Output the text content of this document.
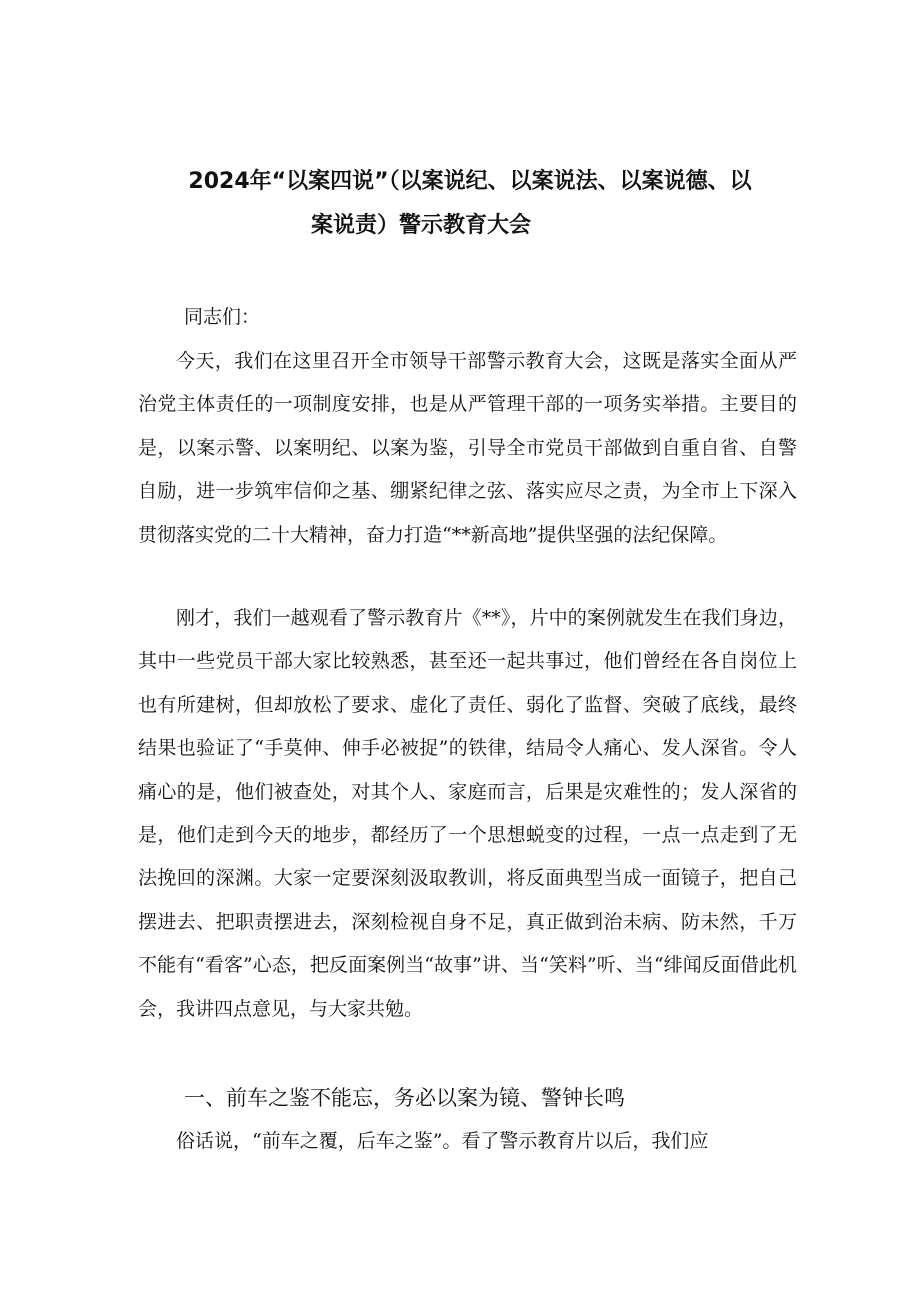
2024年“以案四说”（以案说纪、以案说法、以案说德、以
案说责）警示教育大会

同志们：

今天，我们在这里召开全市领导干部警示教育大会，这既是落实全面从严治党主体责任的一项制度安排，也是从严管理干部的一项务实举措。主要目的是，以案示警、以案明纪、以案为鉴，引导全市党员干部做到自重自省、自警自励，进一步筑牢信仰之基、绷紧纪律之弦、落实应尽之责，为全市上下深入贯彻落实党的二十大精神，奋力打造“**新高地”提供坚强的法纪保障。

刚才，我们一越观看了警示教育片《**》，片中的案例就发生在我们身边，其中一些党员干部大家比较熟悉，甚至还一起共事过，他们曾经在各自岗位上也有所建树，但却放松了要求、虚化了责任、弱化了监督、突破了底线，最终结果也验证了“手莫伸、伸手必被捉”的铁律，结局令人痛心、发人深省。令人痛心的是，他们被查处，对其个人、家庭而言，后果是灾难性的；发人深省的是，他们走到今天的地步，都经历了一个思想蜕变的过程，一点一点走到了无法挽回的深渊。大家一定要深刻汲取教训，将反面典型当成一面镜子，把自己摆进去、把职责摆进去，深刻检视自身不足，真正做到治未病、防未然，千万不能有“看客”心态，把反面案例当“故事”讲、当“笑料”听、当“绯闻反面借此机会，我讲四点意见，与大家共勉。

一、前车之鉴不能忘，务必以案为镜、警钟长鸣

俗话说，“前车之覆，后车之鉴”。看了警示教育片以后，我们应
